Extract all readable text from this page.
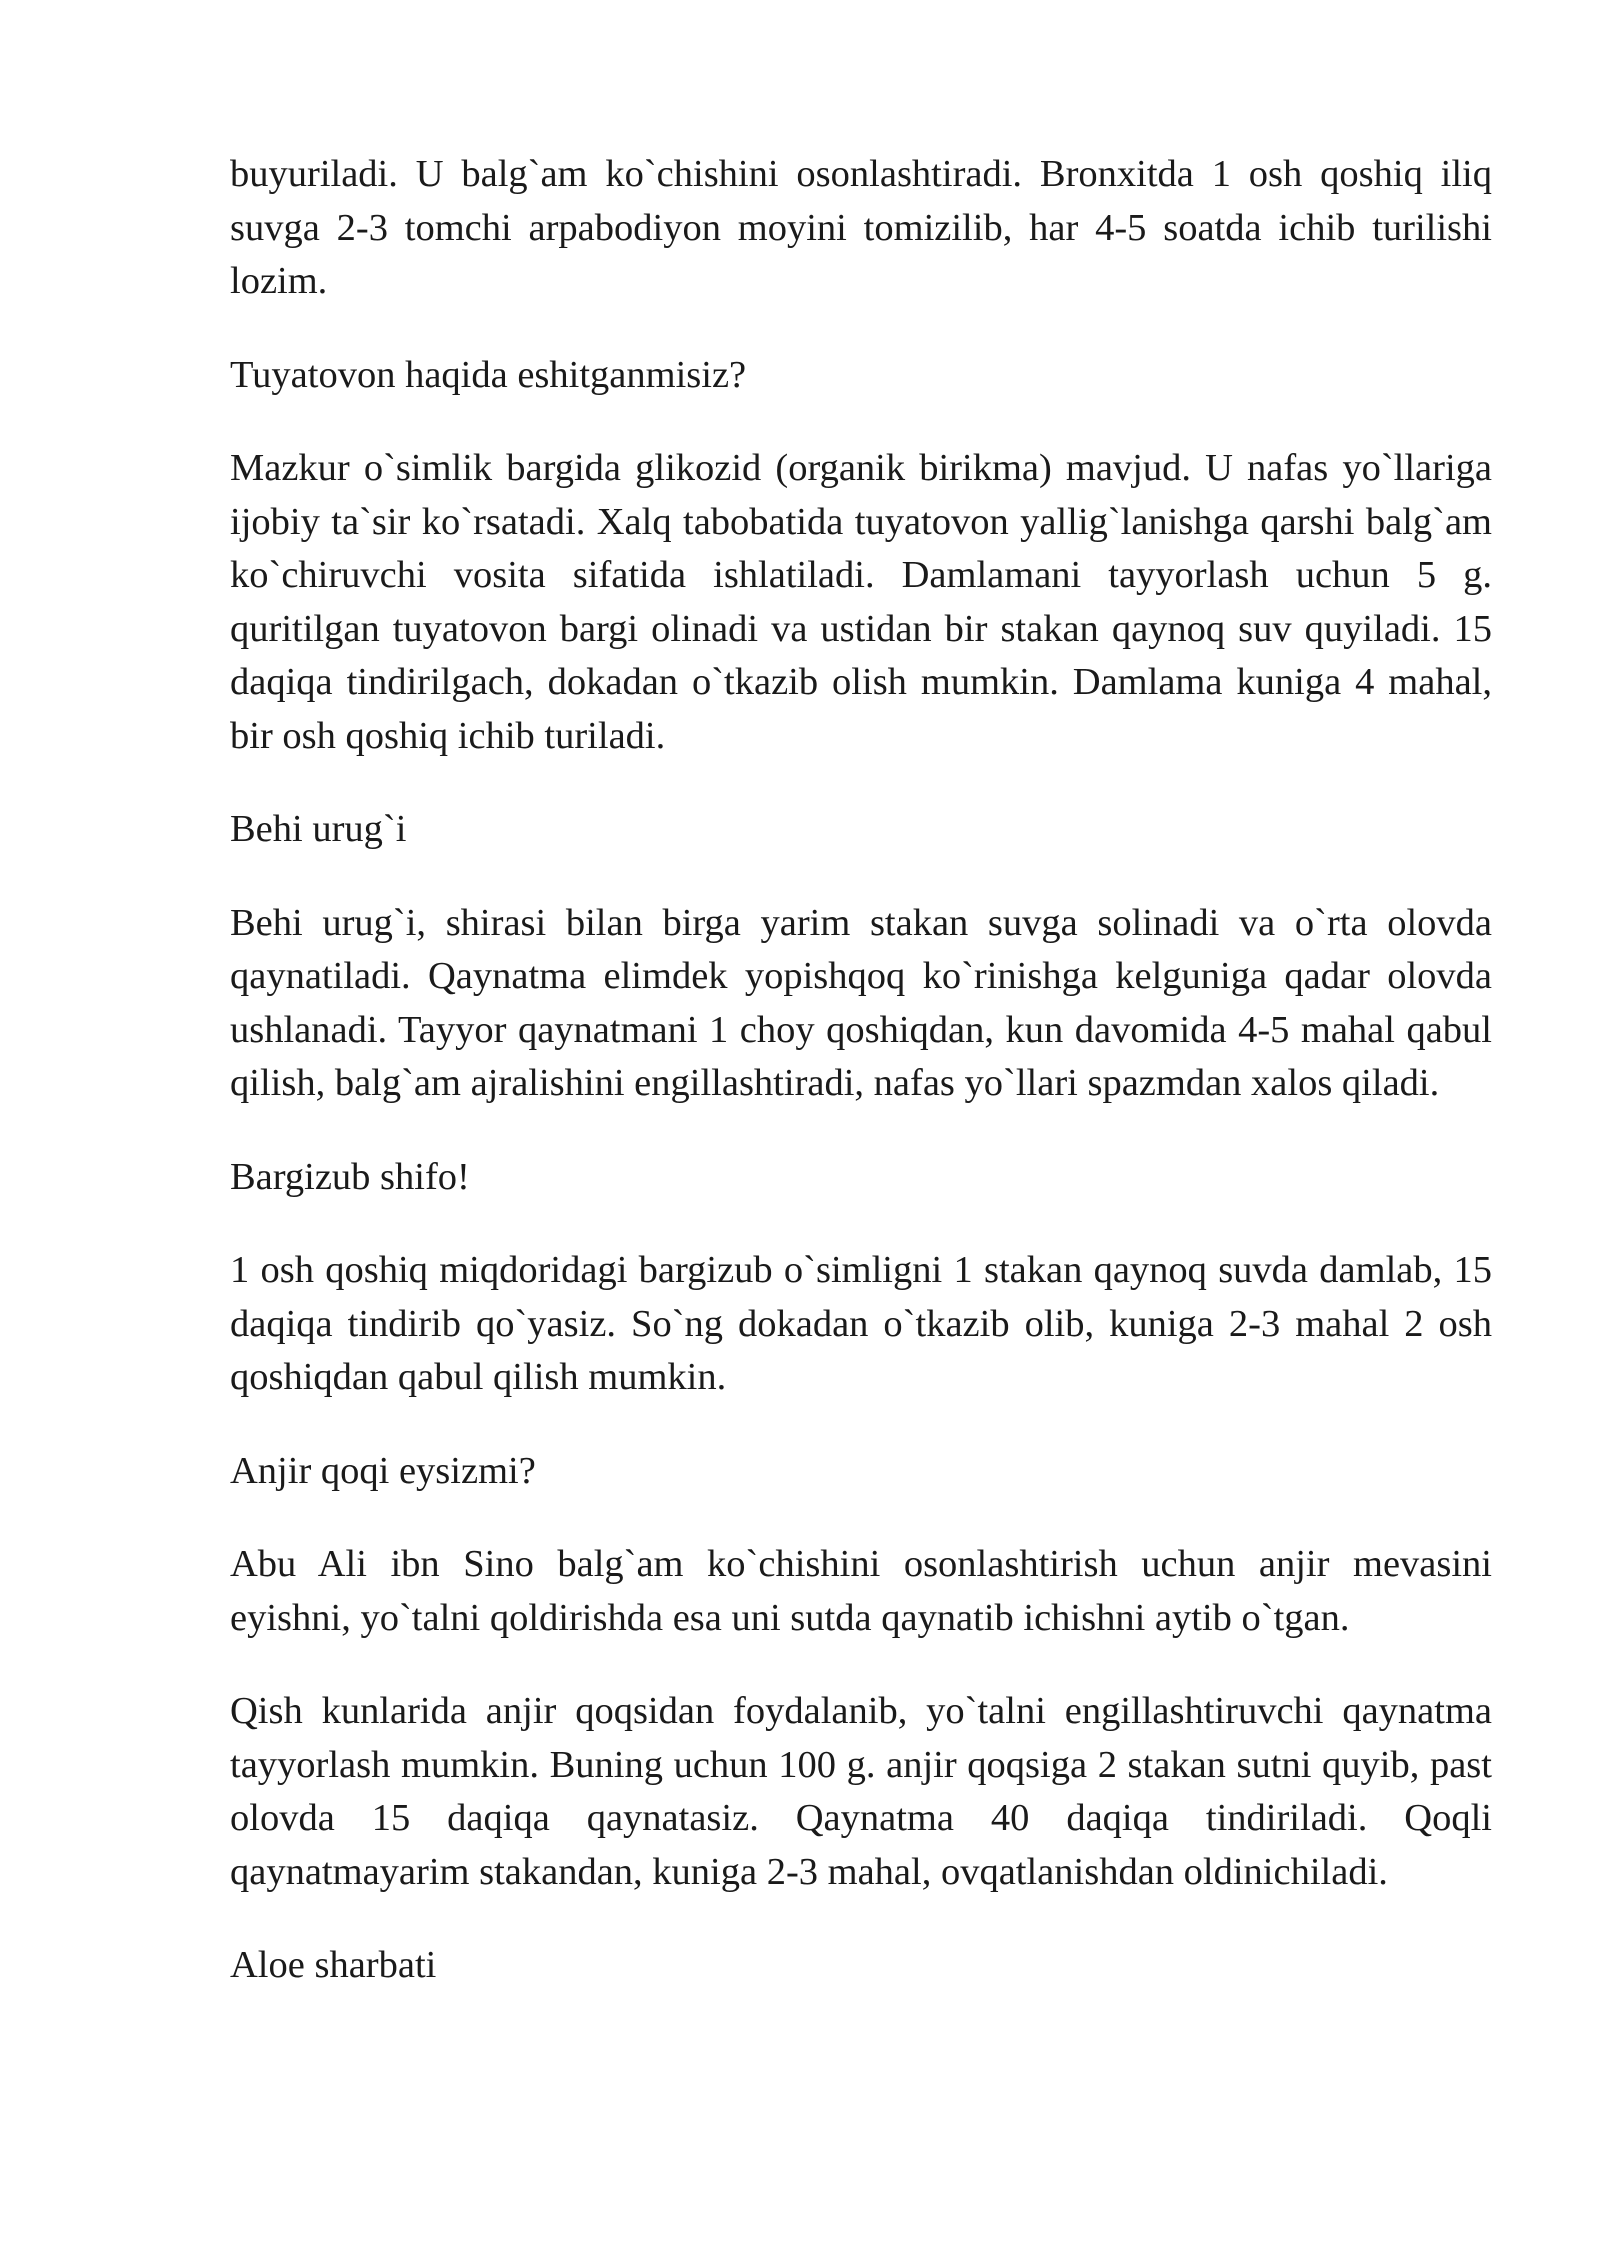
buyuriladi. U balg`am ko`chishini osonlashtiradi. Bronxitda 1 osh qoshiq iliq suvga 2-3 tomchi arpabodiyon moyini tomizilib, har 4-5 soatda ichib turilishi lozim.

Tuyatovon haqida eshitganmisiz?

Mazkur o`simlik bargida glikozid (organik birikma) mavjud. U nafas yo`llariga ijobiy ta`sir ko`rsatadi. Xalq tabobatida tuyatovon yallig`lanishga qarshi balg`am ko`chiruvchi vosita sifatida ishlatiladi. Damlamani tayyorlash uchun 5 g. quritilgan tuyatovon bargi olinadi va ustidan bir stakan qaynoq suv quyiladi. 15 daqiqa tindirilgach, dokadan o`tkazib olish mumkin. Damlama kuniga 4 mahal, bir osh qoshiq ichib turiladi.

Behi urug`i

Behi urug`i, shirasi bilan birga yarim stakan suvga solinadi va o`rta olovda qaynatiladi. Qaynatma elimdek yopishqoq ko`rinishga kelguniga qadar olovda ushlanadi. Tayyor qaynatmani 1 choy qoshiqdan, kun davomida 4-5 mahal qabul qilish, balg`am ajralishini engillashtiradi, nafas yo`llari spazmdan xalos qiladi.

Bargizub shifo!

1 osh qoshiq miqdoridagi bargizub o`simligni 1 stakan qaynoq suvda damlab, 15 daqiqa tindirib qo`yasiz. So`ng dokadan o`tkazib olib, kuniga 2-3 mahal 2 osh qoshiqdan qabul qilish mumkin.

Anjir qoqi eysizmi?

Abu Ali ibn Sino balg`am ko`chishini osonlashtirish uchun anjir mevasini eyishni, yo`talni qoldirishda esa uni sutda qaynatib ichishni aytib o`tgan.

Qish kunlarida anjir qoqsidan foydalanib, yo`talni engillashtiruvchi qaynatma tayyorlash mumkin. Buning uchun 100 g. anjir qoqsiga 2 stakan sutni quyib, past olovda 15 daqiqa qaynatasiz. Qaynatma 40 daqiqa tindiriladi. Qoqli qaynatmayarim stakandan, kuniga 2-3 mahal, ovqatlanishdan oldinichiladi.

Aloe sharbati
